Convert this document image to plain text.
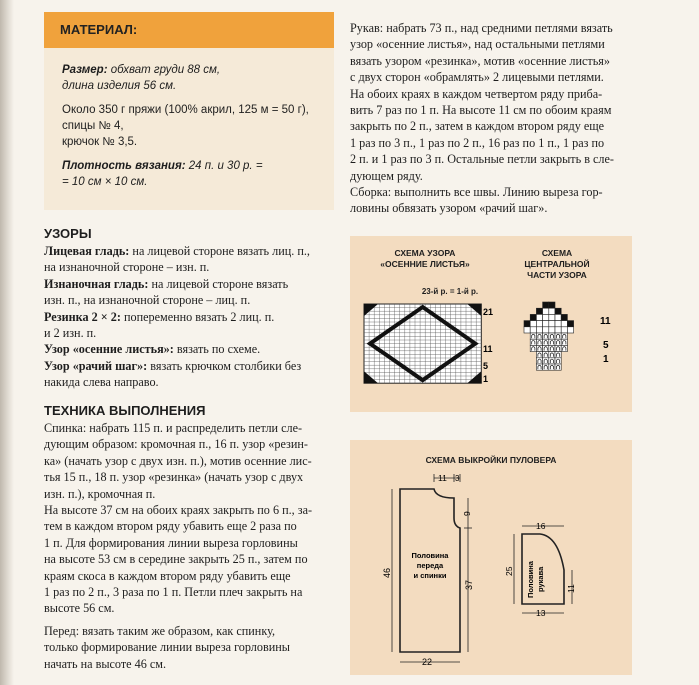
МАТЕРИАЛ:

Размер: обхват груди 88 см,
длина изделия 56 см.

Около 350 г пряжи (100% акрил, 125 м = 50 г),
спицы № 4,
крючок № 3,5.

Плотность вязания: 24 п. и 30 р. =
= 10 см × 10 см.

УЗОРЫ

Лицевая гладь: на лицевой стороне вязать лиц. п.,
на изнаночной стороне – изн. п.

Изнаночная гладь: на лицевой стороне вязать
изн. п., на изнаночной стороне – лиц. п.

Резинка 2 × 2: попеременно вязать 2 лиц. п.
и 2 изн. п.

Узор «осенние листья»: вязать по схеме.

Узор «рачий шаг»: вязать крючком столбики без
накида слева направо.

ТЕХНИКА ВЫПОЛНЕНИЯ

Спинка: набрать 115 п. и распределить петли сле-

дующим образом: кромочная п., 16 п. узор «резин-

ка» (начать узор с двух изн. п.), мотив осенние лис-

тья 15 п., 18 п. узор «резинка» (начать узор с двух

изн. п.), кромочная п.

На высоте 37 см на обоих краях закрыть по 6 п., за-

тем в каждом втором ряду убавить еще 2 раза по

1 п. Для формирования линии выреза горловины

на высоте 53 см в середине закрыть 25 п., затем по

краям скоса в каждом втором ряду убавить еще

1 раз по 2 п., 3 раза по 1 п. Петли плеч закрыть на

высоте 56 см.

Перед: вязать таким же образом, как спинку,

только формирование линии выреза горловины

начать на высоте 46 см.

Рукав: набрать 73 п., над средними петлями вязать

узор «осенние листья», над остальными петлями

вязать узором «резинка», мотив «осенние листья»

с двух сторон «обрамлять» 2 лицевыми петлями.

На обоих краях в каждом четвертом ряду приба-

вить 7 раз по 1 п. На высоте 11 см по обоим краям

закрыть по 2 п., затем в каждом втором ряду еще

1 раз по 3 п., 1 раз по 2 п., 16 раз по 1 п., 1 раз по

2 п. и 1 раз по 3 п. Остальные петли закрыть в сле-

дующем ряду.

Сборка: выполнить все швы. Линию выреза гор-

ловины обвязать узором «рачий шаг».

СХЕМА УЗОРА
«ОСЕННИЕ ЛИСТЬЯ»
СХЕМА
ЦЕНТРАЛЬНОЙ
ЧАСТИ УЗОРА
23-й р. = 1-й р.
21
11
5
1
11
5
1
СХЕМА ВЫКРОЙКИ ПУЛОВЕРА
11 3
9
37
46
22
Половина
переда
и спинки
16
25
11
13
Половина рукава
